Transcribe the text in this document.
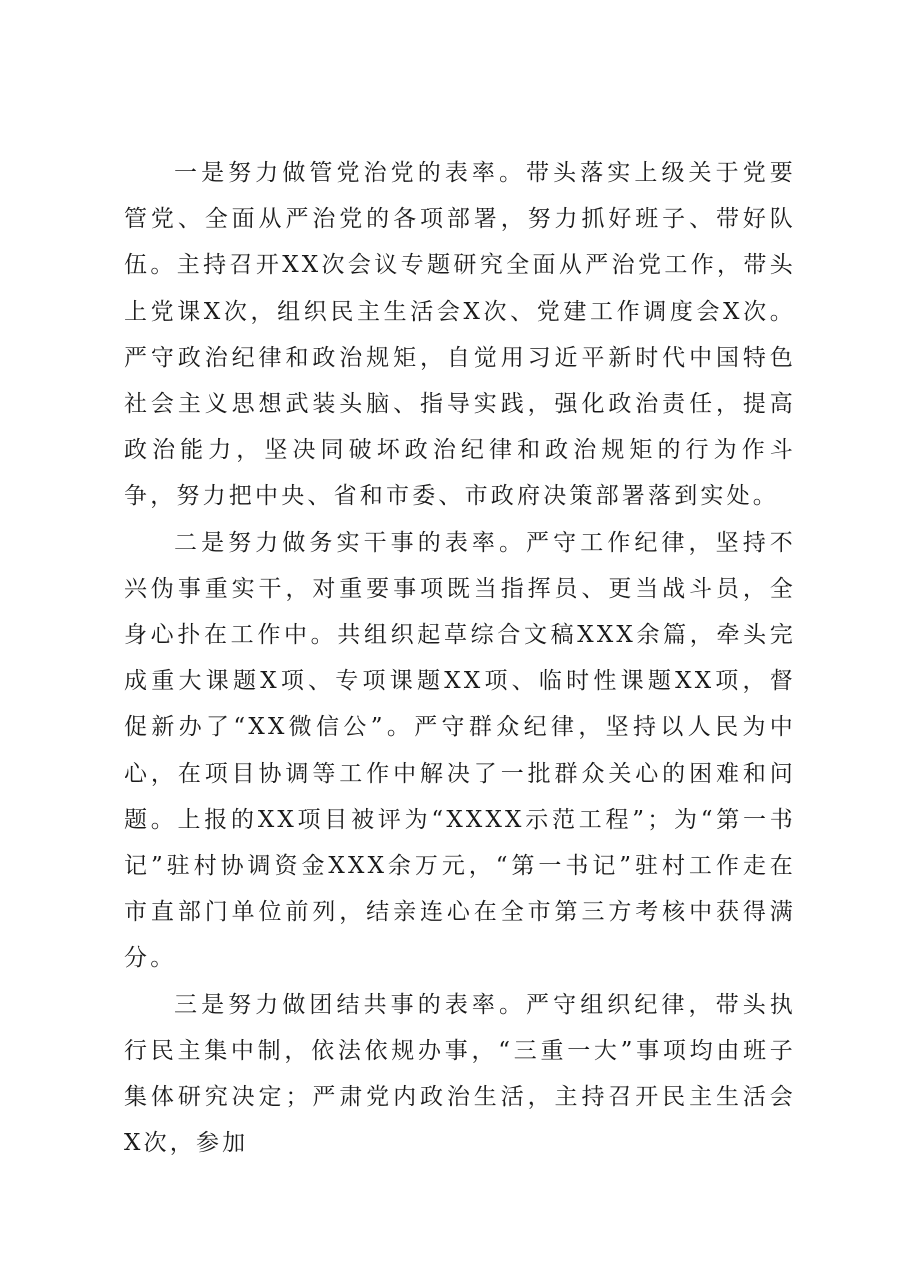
一是努力做管党治党的表率。带头落实上级关于党要管党、全面从严治党的各项部署，努力抓好班子、带好队伍。主持召开XX次会议专题研究全面从严治党工作，带头上党课X次，组织民主生活会X次、党建工作调度会X次。严守政治纪律和政治规矩，自觉用习近平新时代中国特色社会主义思想武装头脑、指导实践，强化政治责任，提高政治能力，坚决同破坏政治纪律和政治规矩的行为作斗争，努力把中央、省和市委、市政府决策部署落到实处。

二是努力做务实干事的表率。严守工作纪律，坚持不兴伪事重实干，对重要事项既当指挥员、更当战斗员，全身心扑在工作中。共组织起草综合文稿XXX余篇，牵头完成重大课题X项、专项课题XX项、临时性课题XX项，督促新办了“XX微信公”。严守群众纪律，坚持以人民为中心，在项目协调等工作中解决了一批群众关心的困难和问题。上报的XX项目被评为“XXXX示范工程”；为“第一书记”驻村协调资金XXX余万元，“第一书记”驻村工作走在市直部门单位前列，结亲连心在全市第三方考核中获得满分。

三是努力做团结共事的表率。严守组织纪律，带头执行民主集中制，依法依规办事，“三重一大”事项均由班子集体研究决定；严肃党内政治生活，主持召开民主生活会X次，参加
